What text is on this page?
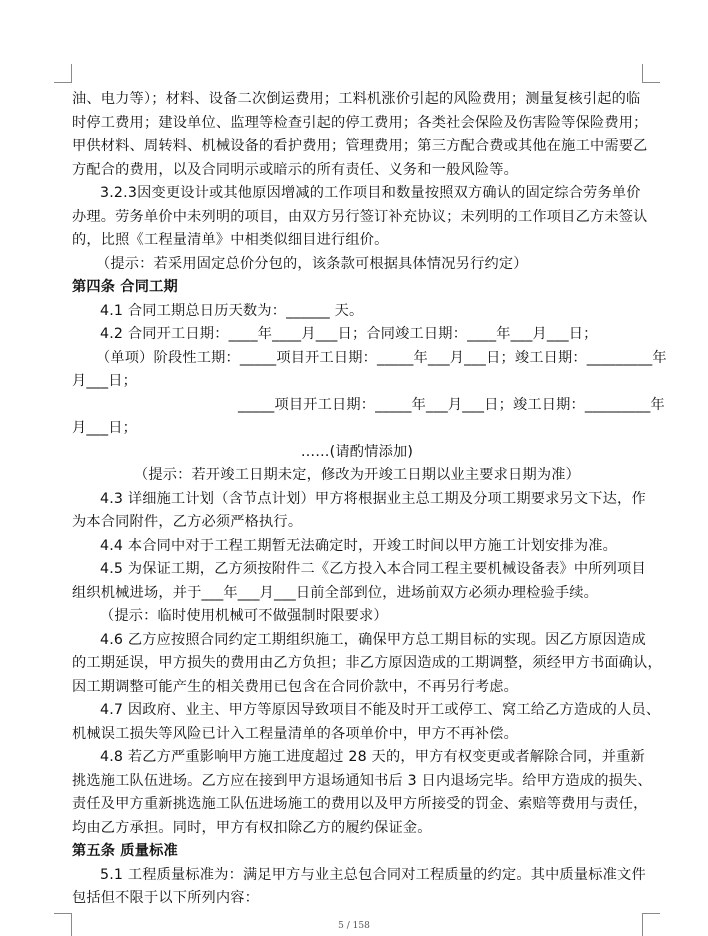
油、电力等）；材料、设备二次倒运费用；工料机涨价引起的风险费用；测量复核引起的临

时停工费用；建设单位、监理等检查引起的停工费用；各类社会保险及伤害险等保险费用；

甲供材料、周转料、机械设备的看护费用；管理费用；第三方配合费或其他在施工中需要乙

方配合的费用，以及合同明示或暗示的所有责任、义务和一般风险等。

3.2.3因变更设计或其他原因增减的工作项目和数量按照双方确认的固定综合劳务单价

办理。劳务单价中未列明的项目，由双方另行签订补充协议；未列明的工作项目乙方未签认

的，比照《工程量清单》中相类似细目进行组价。

（提示：若采用固定总价分包的，该条款可根据具体情况另行约定）

第四条 合同工期

4.1 合同工期总日历天数为：______ 天。

4.2 合同开工日期：____年____月___日；合同竣工日期：____年___月___日；

（单项）阶段性工期：_____项目开工日期：_____年___月___日；竣工日期：_________年

月___日；

_____项目开工日期：_____年___月___日；竣工日期：_________年

月___日；

……(请酌情添加)

（提示：若开竣工日期未定，修改为开竣工日期以业主要求日期为准）

4.3 详细施工计划（含节点计划）甲方将根据业主总工期及分项工期要求另文下达，作

为本合同附件，乙方必须严格执行。

4.4 本合同中对于工程工期暂无法确定时，开竣工时间以甲方施工计划安排为准。

4.5 为保证工期，乙方须按附件二《乙方投入本合同工程主要机械设备表》中所列项目

组织机械进场，并于___年___月___日前全部到位，进场前双方必须办理检验手续。

（提示：临时使用机械可不做强制时限要求）

4.6 乙方应按照合同约定工期组织施工，确保甲方总工期目标的实现。因乙方原因造成

的工期延误，甲方损失的费用由乙方负担；非乙方原因造成的工期调整，须经甲方书面确认，

因工期调整可能产生的相关费用已包含在合同价款中，不再另行考虑。

4.7 因政府、业主、甲方等原因导致项目不能及时开工或停工、窝工给乙方造成的人员、

机械误工损失等风险已计入工程量清单的各项单价中，甲方不再补偿。

4.8 若乙方严重影响甲方施工进度超过 28 天的，甲方有权变更或者解除合同，并重新

挑选施工队伍进场。乙方应在接到甲方退场通知书后 3 日内退场完毕。给甲方造成的损失、

责任及甲方重新挑选施工队伍进场施工的费用以及甲方所接受的罚金、索赔等费用与责任，

均由乙方承担。同时，甲方有权扣除乙方的履约保证金。

第五条 质量标准

5.1 工程质量标准为：满足甲方与业主总包合同对工程质量的约定。其中质量标准文件

包括但不限于以下所列内容：

5 / 158
